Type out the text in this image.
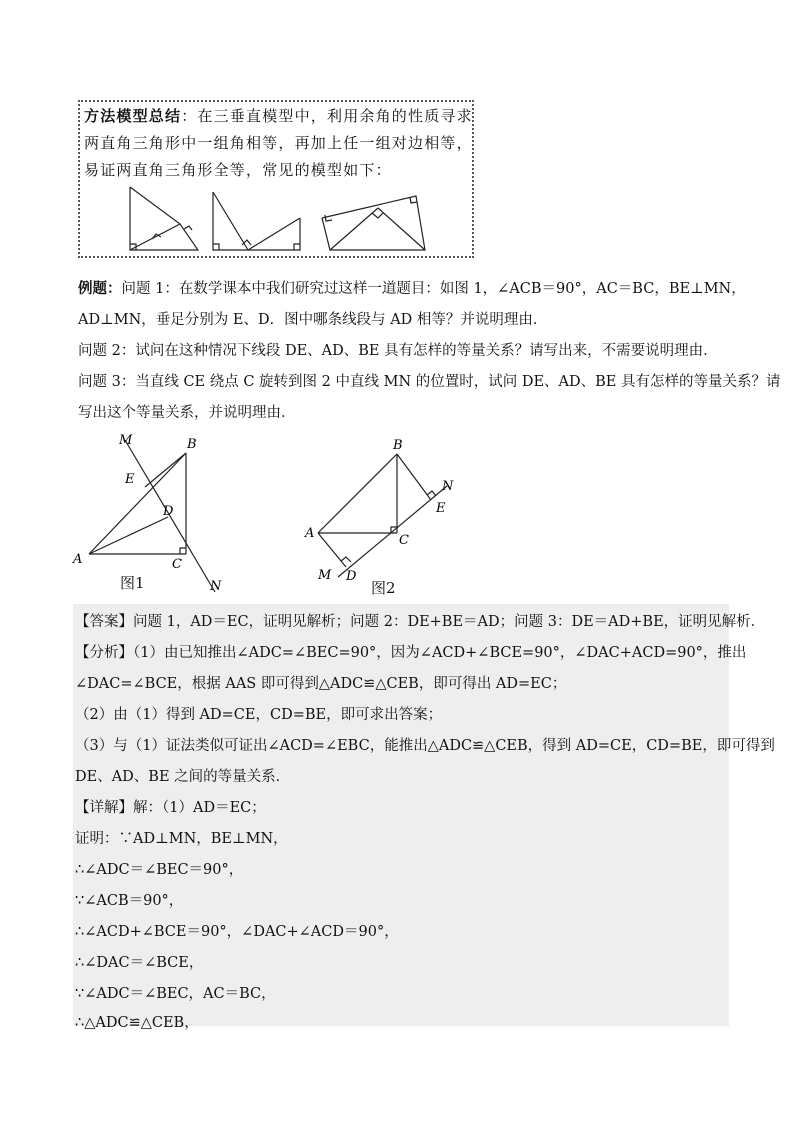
方法模型总结：在三垂直模型中，利用余角的性质寻求
两直角三角形中一组角相等，再加上任一组对边相等，
易证两直角三角形全等，常见的模型如下：
例题：问题 1：在数学课本中我们研究过这样一道题目：如图 1，∠ACB＝90°，AC＝BC，BE⊥MN，
AD⊥MN，垂足分别为 E、D．图中哪条线段与 AD 相等？并说明理由．
问题 2：试问在这种情况下线段 DE、AD、BE 具有怎样的等量关系？请写出来，不需要说明理由．
问题 3：当直线 CE 绕点 C 旋转到图 2 中直线 MN 的位置时，试问 DE、AD、BE 具有怎样的等量关系？请
写出这个等量关系，并说明理由．
M	B
E
D
A	C
N
图1
B
N
E
A	C
M D
图2
【答案】问题 1，AD＝EC，证明见解析；问题 2：DE+BE＝AD；问题 3：DE＝AD+BE，证明见解析．
【分析】（1）由已知推出∠ADC=∠BEC=90°，因为∠ACD+∠BCE=90°，∠DAC+ACD=90°，推出
∠DAC=∠BCE，根据 AAS 即可得到△ADC≌△CEB，即可得出 AD=EC；
（2）由（1）得到 AD=CE，CD=BE，即可求出答案；
（3）与（1）证法类似可证出∠ACD=∠EBC，能推出△ADC≌△CEB，得到 AD=CE，CD=BE，即可得到
DE、AD、BE 之间的等量关系．
【详解】解：（1）AD＝EC；
证明：∵AD⊥MN，BE⊥MN，
∴∠ADC＝∠BEC＝90°，
∵∠ACB＝90°，
∴∠ACD+∠BCE＝90°，∠DAC+∠ACD＝90°，
∴∠DAC＝∠BCE，
∵∠ADC＝∠BEC，AC＝BC，
∴△ADC≌△CEB，
